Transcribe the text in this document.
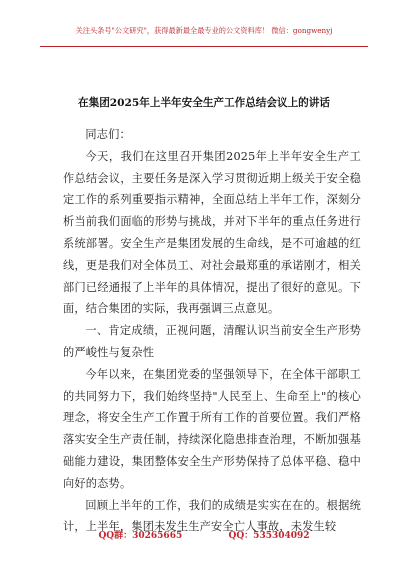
关注头条号"公文研究"，获得最新最全最专业的公文资料库！ 微信：gongwenyj
在集团2025年上半年安全生产工作总结会议上的讲话

同志们：

今天，我们在这里召开集团2025年上半年安全生产工作总结会议，主要任务是深入学习贯彻近期上级关于安全稳定工作的系列重要指示精神，全面总结上半年工作，深刻分析当前我们面临的形势与挑战，并对下半年的重点任务进行系统部署。安全生产是集团发展的生命线，是不可逾越的红线，更是我们对全体员工、对社会最郑重的承诺刚才，相关部门已经通报了上半年的具体情况，提出了很好的意见。下面，结合集团的实际，我再强调三点意见。

一、肯定成绩，正视问题，清醒认识当前安全生产形势的严峻性与复杂性

今年以来，在集团党委的坚强领导下，在全体干部职工的共同努力下，我们始终坚持"人民至上、生命至上"的核心理念，将安全生产工作置于所有工作的首要位置。我们严格落实安全生产责任制，持续深化隐患排查治理，不断加强基础能力建设，集团整体安全生产形势保持了总体平稳、稳中向好的态势。

回顾上半年的工作，我们的成绩是实实在在的。根据统计，上半年，集团未发生生产安全亡人事故，未发生较

QQ群：30265665	QQ：535304092
